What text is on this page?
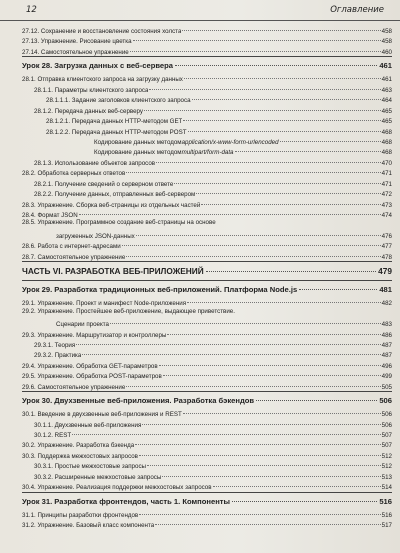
12	Оглавление
27.12. Сохранение и восстановление состояния холста	458
27.13. Упражнение. Рисование цветка	458
27.14. Самостоятельное упражнение	460
Урок 28. Загрузка данных с веб-сервера	461
28.1. Отправка клиентского запроса на загрузку данных	461
28.1.1. Параметры клиентского запроса	463
28.1.1.1. Задание заголовков клиентского запроса	464
28.1.2. Передача данных веб-серверу	465
28.1.2.1. Передача данных HTTP-методом GET	465
28.1.2.2. Передача данных HTTP-методом POST	468
Кодирование данных методом application/x-www-form-urlencoded	468
Кодирование данных методом multipart/form-data	468
28.1.3. Использование объектов запросов	470
28.2. Обработка серверных ответов	471
28.2.1. Получение сведений о серверном ответе	471
28.2.2. Получение данных, отправленных веб-сервером	472
28.3. Упражнение. Сборка веб-страницы из отдельных частей	473
28.4. Формат JSON	474
28.5. Упражнение. Программное создание веб-страницы на основе
загруженных JSON-данных	476
28.6. Работа с интернет-адресами	477
28.7. Самостоятельное упражнение	478
ЧАСТЬ VI. РАЗРАБОТКА ВЕБ-ПРИЛОЖЕНИЙ	479
Урок 29. Разработка традиционных веб-приложений. Платформа Node.js	481
29.1. Упражнение. Проект и манифест Node-приложения	482
29.2. Упражнение. Простейшее веб-приложение, выдающее приветствие.
Сценарии проекта	483
29.3. Упражнение. Маршрутизатор и контроллеры	486
29.3.1. Теория	487
29.3.2. Практика	487
29.4. Упражнение. Обработка GET-параметров	496
29.5. Упражнение. Обработка POST-параметров	499
29.6. Самостоятельное упражнение	505
Урок 30. Двухзвенные веб-приложения. Разработка бэкендов	506
30.1. Введение в двухзвенные веб-приложения и REST	506
30.1.1. Двухзвенные веб-приложения	506
30.1.2. REST	507
30.2. Упражнение. Разработка бэкенда	507
30.3. Поддержка межхостовых запросов	512
30.3.1. Простые межхостовые запросы	512
30.3.2. Расширенные межхостовые запросы	513
30.4. Упражнение. Реализация поддержки межхостовых запросов	514
Урок 31. Разработка фронтендов, часть 1. Компоненты	516
31.1. Принципы разработки фронтендов	516
31.2. Упражнение. Базовый класс компонента	517
